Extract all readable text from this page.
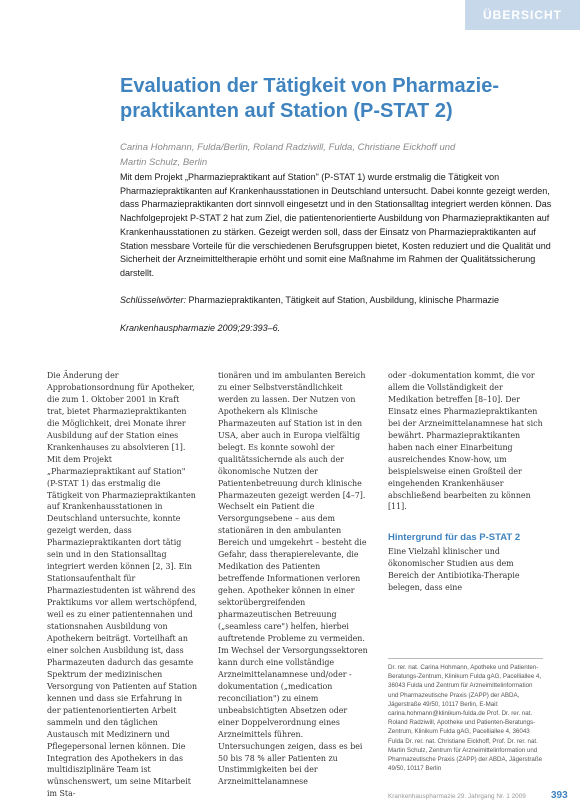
ÜBERSICHT
Evaluation der Tätigkeit von Pharmazie-praktikanten auf Station (P-STAT 2)

Carina Hohmann, Fulda/Berlin, Roland Radziwill, Fulda, Christiane Eickhoff und Martin Schulz, Berlin

Mit dem Projekt „Pharmaziepraktikant auf Station" (P-STAT 1) wurde erstmalig die Tätigkeit von Pharmaziepraktikanten auf Krankenhausstationen in Deutschland untersucht. Dabei konnte gezeigt werden, dass Pharmaziepraktikanten dort sinnvoll eingesetzt und in den Stationsalltag integriert werden können. Das Nachfolgeprojekt P-STAT 2 hat zum Ziel, die patientenorientierte Ausbildung von Pharmaziepraktikanten auf Krankenhausstationen zu stärken. Gezeigt werden soll, dass der Einsatz von Pharmaziepraktikanten auf Station messbare Vorteile für die verschiedenen Berufsgruppen bietet, Kosten reduziert und die Qualität und Sicherheit der Arzneimitteltherapie erhöht und somit eine Maßnahme im Rahmen der Qualitätssicherung darstellt.

Schlüsselwörter: Pharmaziepraktikanten, Tätigkeit auf Station, Ausbildung, klinische Pharmazie

Krankenhauspharmazie 2009;29:393–6.

Die Änderung der Approbationsordnung für Apotheker, die zum 1. Oktober 2001 in Kraft trat, bietet Pharmaziepraktikanten die Möglichkeit, drei Monate ihrer Ausbildung auf der Station eines Krankenhauses zu absolvieren [1]. Mit dem Projekt „Pharmaziepraktikant auf Station" (P-STAT 1) das erstmalig die Tätigkeit von Pharmaziepraktikanten auf Krankenhausstationen in Deutschland untersuchte, konnte gezeigt werden, dass Pharmaziepraktikanten dort tätig sein und in den Stationsalltag integriert werden können [2, 3]. Ein Stationsaufenthalt für Pharmaziestudenten ist während des Praktikums vor allem wertschöpfend, weil es zu einer patientennahen und stationsnahen Ausbildung von Apothekern beiträgt. Vorteilhaft an einer solchen Ausbildung ist, dass Pharmazeuten dadurch das gesamte Spektrum der medizinischen Versorgung von Patienten auf Station kennen und dass sie Erfahrung in der patientenorientierten Arbeit sammeln und den täglichen Austausch mit Medizinern und Pflegepersonal lernen können. Die Integration des Apothekers in das multidisziplinäre Team ist wünschenswert, um seine Mitarbeit im Sta-

tionären und im ambulanten Bereich zu einer Selbstverständlichkeit werden zu lassen. Der Nutzen von Apothekern als Klinische Pharmazeuten auf Station ist in den USA, aber auch in Europa vielfältig belegt. Es konnte sowohl der qualitätssichernde als auch der ökonomische Nutzen der Patientenbetreuung durch klinische Pharmazeuten gezeigt werden [4–7]. Wechselt ein Patient die Versorgungsebene – aus dem stationären in den ambulanten Bereich und umgekehrt – besteht die Gefahr, dass therapierelevante, die Medikation des Patienten betreffende Informationen verloren gehen. Apotheker können in einer sektorübergreifenden pharmazeutischen Betreuung („seamless care") helfen, hierbei auftretende Probleme zu vermeiden. Im Wechsel der Versorgungssektoren kann durch eine vollständige Arzneimittelanamnese und/oder -dokumentation („medication reconciliation") zu einem unbeabsichtigten Absetzen oder einer Doppelverordnung eines Arzneimittels führen. Untersuchungen zeigen, dass es bei 50 bis 78 % aller Patienten zu Unstimmigkeiten bei der Arzneimittelanamnese

oder -dokumentation kommt, die vor allem die Vollständigkeit der Medikation betreffen [8–10]. Der Einsatz eines Pharmaziepraktikanten bei der Arzneimittelanamnese hat sich bewährt. Pharmaziepraktikanten haben nach einer Einarbeitung ausreichendes Know-how, um beispielsweise einen Großteil der eingehenden Krankenhäuser abschließend bearbeiten zu können [11].

Hintergrund für das P-STAT 2

Eine Vielzahl klinischer und ökonomischer Studien aus dem Bereich der Antibiotika-Therapie belegen, dass eine

Dr. rer. nat. Carina Hohmann, Apotheke und Patienten-Beratungs-Zentrum, Klinikum Fulda gAG, Pacelliallee 4, 36043 Fulda und Zentrum für Arzneimittelinformation und Pharmazeutische Praxis (ZAPP) der ABDA, Jägerstraße 49/50, 10117 Berlin, E-Mail: carina.hohmann@klinikum-fulda.de Prof. Dr. rer. nat. Roland Radziwill, Apotheke und Patienten-Beratungs-Zentrum, Klinikum Fulda gAG, Pacelliallee 4, 36043 Fulda Dr. rer. nat. Christiane Eickhoff, Prof. Dr. rer. nat. Martin Schulz, Zentrum für Arzneimittelinformation und Pharmazeutische Praxis (ZAPP) der ABDA, Jägerstraße 49/50, 10117 Berlin

Krankenhauspharmazie 29. Jahrgang Nr. 1 2009	393
